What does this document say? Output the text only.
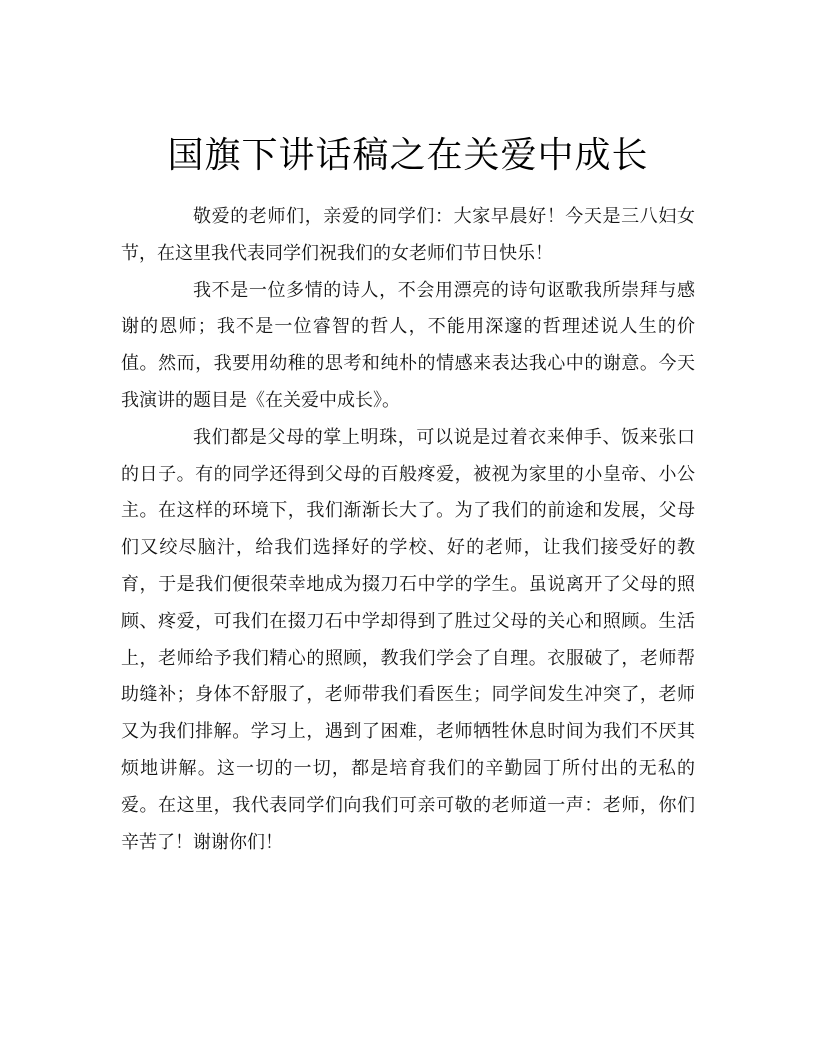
国旗下讲话稿之在关爱中成长

敬爱的老师们，亲爱的同学们：大家早晨好！今天是三八妇女节，在这里我代表同学们祝我们的女老师们节日快乐！

我不是一位多情的诗人，不会用漂亮的诗句讴歌我所崇拜与感谢的恩师；我不是一位睿智的哲人，不能用深邃的哲理述说人生的价值。然而，我要用幼稚的思考和纯朴的情感来表达我心中的谢意。今天我演讲的题目是《在关爱中成长》。

我们都是父母的掌上明珠，可以说是过着衣来伸手、饭来张口的日子。有的同学还得到父母的百般疼爱，被视为家里的小皇帝、小公主。在这样的环境下，我们渐渐长大了。为了我们的前途和发展，父母们又绞尽脑汁，给我们选择好的学校、好的老师，让我们接受好的教育，于是我们便很荣幸地成为掇刀石中学的学生。虽说离开了父母的照顾、疼爱，可我们在掇刀石中学却得到了胜过父母的关心和照顾。生活上，老师给予我们精心的照顾，教我们学会了自理。衣服破了，老师帮助缝补；身体不舒服了，老师带我们看医生；同学间发生冲突了，老师又为我们排解。学习上，遇到了困难，老师牺牲休息时间为我们不厌其烦地讲解。这一切的一切，都是培育我们的辛勤园丁所付出的无私的爱。在这里，我代表同学们向我们可亲可敬的老师道一声：老师，你们辛苦了！谢谢你们！
